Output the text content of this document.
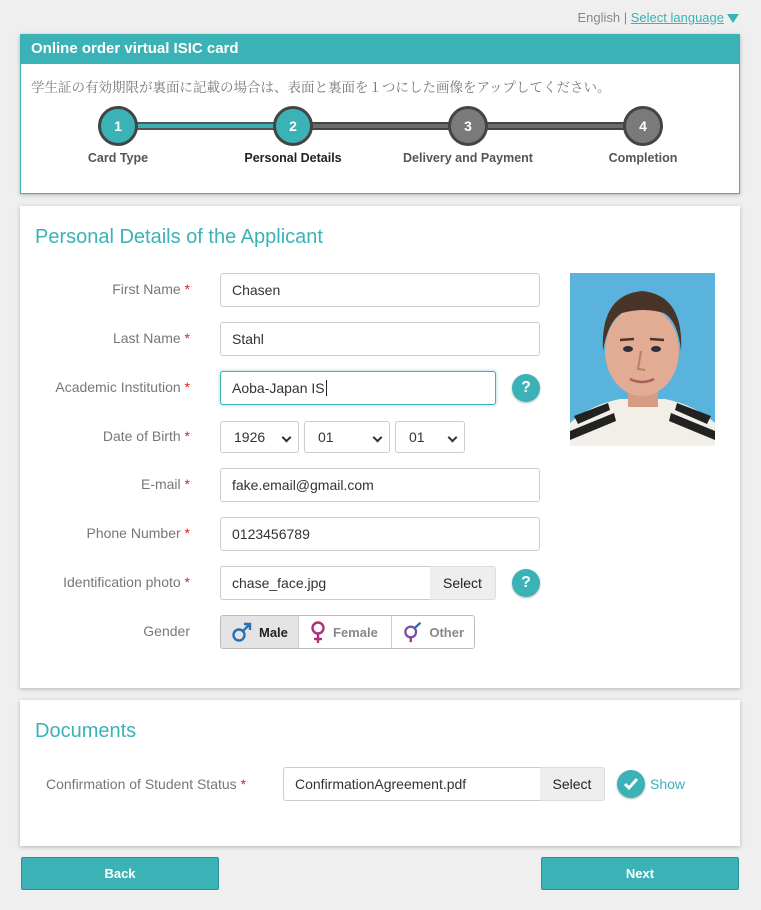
English | Select language
Online order virtual ISIC card
学生証の有効期限が裏面に記載の場合は、表面と裏面を１つにした画像をアップしてください。
1	2	3	4
Card Type	Personal Details	Delivery and Payment	Completion
Personal Details of the Applicant
First Name *	Chasen
Last Name *	Stahl
Academic Institution *	Aoba-Japan IS	?
Date of Birth *	1926	01	01
E-mail *	fake.email@gmail.com
Phone Number *	0123456789
Identification photo *	chase_face.jpg	Select	?
Gender	Male	Female	Other
Documents
Confirmation of Student Status *	ConfirmationAgreement.pdf	Select	Show
Back	Next
